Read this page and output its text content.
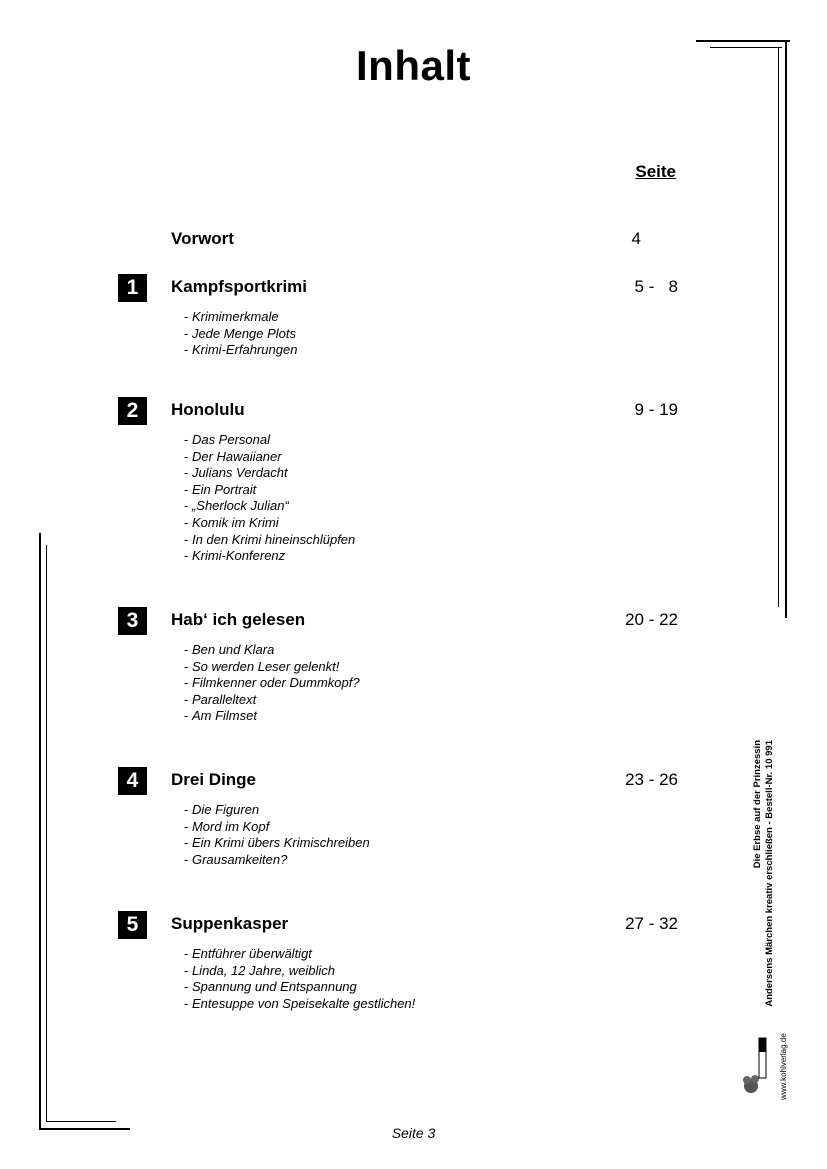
Inhalt
Seite
Vorwort	4
1	Kampfsportkrimi	5 -   8
- Krimimerkmale
- Jede Menge Plots
- Krimi-Erfahrungen
2	Honolulu	9 - 19
- Das Personal
- Der Hawaiianer
- Julians Verdacht
- Ein Portrait
- „Sherlock Julian“
- Komik im Krimi
- In den Krimi hineinschlüpfen
- Krimi-Konferenz
3	Hab‘ ich gelesen	20 - 22
- Ben und Klara
- So werden Leser gelenkt!
- Filmkenner oder Dummkopf?
- Paralleltext
- Am Filmset
4	Drei Dinge	23 - 26
- Die Figuren
- Mord im Kopf
- Ein Krimi übers Krimischreiben
- Grausamkeiten?
5	Suppenkasper	27 - 32
- Entführer überwältigt
- Linda, 12 Jahre, weiblich
- Spannung und Entspannung
- Entesuppe von Speisekalte gestlichen!
Die Erbse auf der Prinzessin Andersens Märchen kreativ erschließen - Bestell-Nr. 10 991
www.kohlverlag.de
Seite 3
